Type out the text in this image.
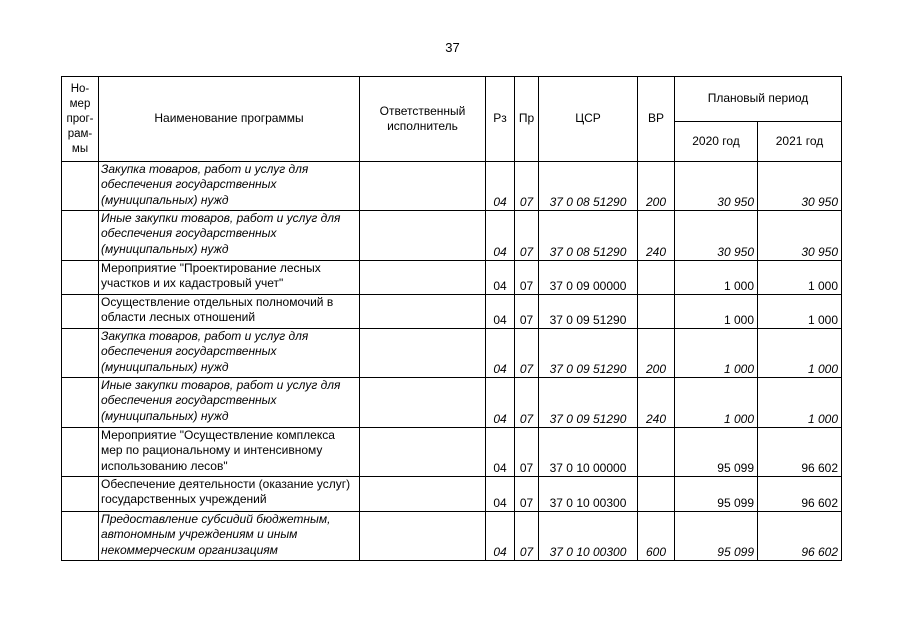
37
Но-
мер
прог-
рам-
мы	Наименование программы	Ответственный
исполнитель	Рз	Пр	ЦСР	ВР	Плановый период	
							2020 год	2021 год
	Закупка товаров, работ и услуг для обеспечения государственных (муниципальных) нужд		04	07	37 0 08 51290	200	30 950	30 950
	Иные закупки товаров, работ и услуг для обеспечения государственных (муниципальных) нужд		04	07	37 0 08 51290	240	30 950	30 950
	Мероприятие "Проектирование лесных участков и их кадастровый учет"		04	07	37 0 09 00000		1 000	1 000
	Осуществление отдельных полномочий в области лесных отношений		04	07	37 0 09 51290		1 000	1 000
	Закупка товаров, работ и услуг для обеспечения государственных (муниципальных) нужд		04	07	37 0 09 51290	200	1 000	1 000
	Иные закупки товаров, работ и услуг для обеспечения государственных (муниципальных) нужд		04	07	37 0 09 51290	240	1 000	1 000
	Мероприятие "Осуществление комплекса мер по рациональному и интенсивному использованию лесов"		04	07	37 0 10 00000		95 099	96 602
	Обеспечение деятельности (оказание услуг) государственных учреждений		04	07	37 0 10 00300		95 099	96 602
	Предоставление субсидий бюджетным, автономным учреждениям и иным некоммерческим организациям		04	07	37 0 10 00300	600	95 099	96 602
